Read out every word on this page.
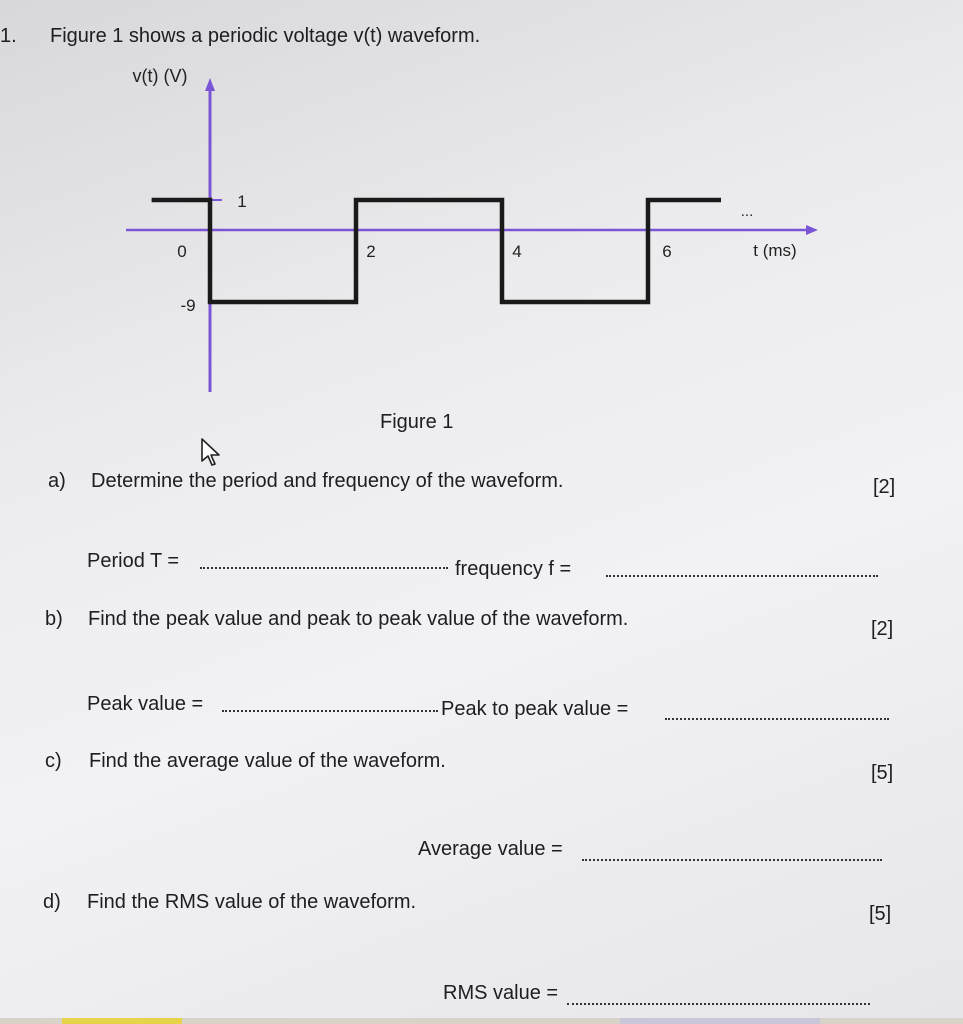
1. Figure 1 shows a periodic voltage v(t) waveform.
1
0
-9
2	4	6	t (ms)
v(t) (V)
...
Figure 1
a) Determine the period and frequency of the waveform.	[2]
Period T =	frequency f =
b) Find the peak value and peak to peak value of the waveform.	[2]
Peak value =	Peak to peak value =
c) Find the average value of the waveform.
[5]
Average value =
d) Find the RMS value of the waveform.
[5]
RMS value =
